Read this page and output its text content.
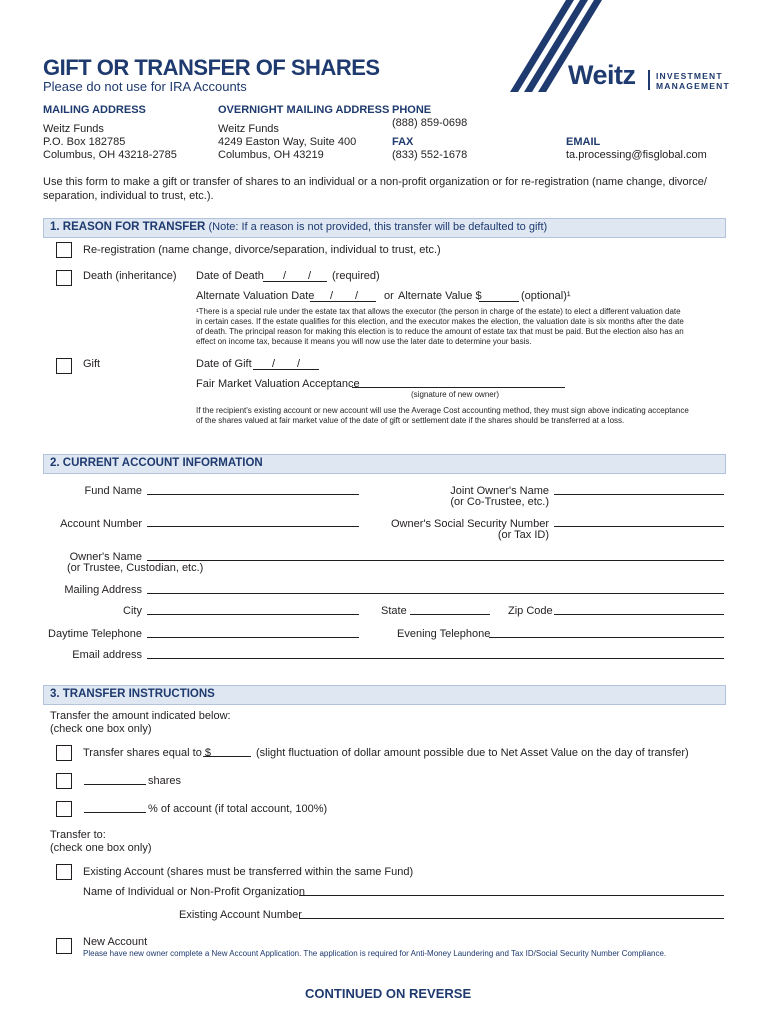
GIFT OR TRANSFER OF SHARES
Please do not use for IRA Accounts	Weitz INVESTMENT
MANAGEMENT
MAILING ADDRESS
Weitz Funds
P.O. Box 182785
Columbus, OH 43218-2785
OVERNIGHT MAILING ADDRESS
Weitz Funds
4249 Easton Way, Suite 400
Columbus, OH 43219
PHONE
(888) 859-0698
FAX
(833) 552-1678
EMAIL
ta.processing@fisglobal.com
Use this form to make a gift or transfer of shares to an individual or a non-profit organization or for re-registration (name change, divorce/
separation, individual to trust, etc.).
1. REASON FOR TRANSFER (Note: If a reason is not provided, this transfer will be defaulted to gift)
Re-registration (name change, divorce/separation, individual to trust, etc.)
Death (inheritance) Date of Death / / (required)
Alternate Valuation Date / / or Alternate Value $	(optional)¹
¹There is a special rule under the estate tax that allows the executor (the person in charge of the estate) to elect a different valuation date
in certain cases. If the estate qualifies for this election, and the executor makes the election, the valuation date is six months after the date
of death. The principal reason for making this election is to reduce the amount of estate tax that must be paid. But the election also has an
effect on income tax, because it means you will now use the later date to determine your basis.
Gift	Date of Gift / /
Fair Market Valuation Acceptance
(signature of new owner)
If the recipient's existing account or new account will use the Average Cost accounting method, they must sign above indicating acceptance
of the shares valued at fair market value of the date of gift or settlement date if the shares should be transferred at a loss.
2. CURRENT ACCOUNT INFORMATION
Fund Name	Joint Owner's Name
(or Co-Trustee, etc.)
Account Number	Owner's Social Security Number
(or Tax ID)
Owner's Name
(or Trustee, Custodian, etc.)
Mailing Address
City	State	Zip Code
Daytime Telephone	Evening Telephone
Email address
3. TRANSFER INSTRUCTIONS
Transfer the amount indicated below:
(check one box only)
Transfer shares equal to $	(slight fluctuation of dollar amount possible due to Net Asset Value on the day of transfer)
shares
% of account (if total account, 100%)
Transfer to:
(check one box only)
Existing Account (shares must be transferred within the same Fund)
Name of Individual or Non-Profit Organization
Existing Account Number
New Account
Please have new owner complete a New Account Application. The application is required for Anti-Money Laundering and Tax ID/Social Security Number Compliance.
CONTINUED ON REVERSE
